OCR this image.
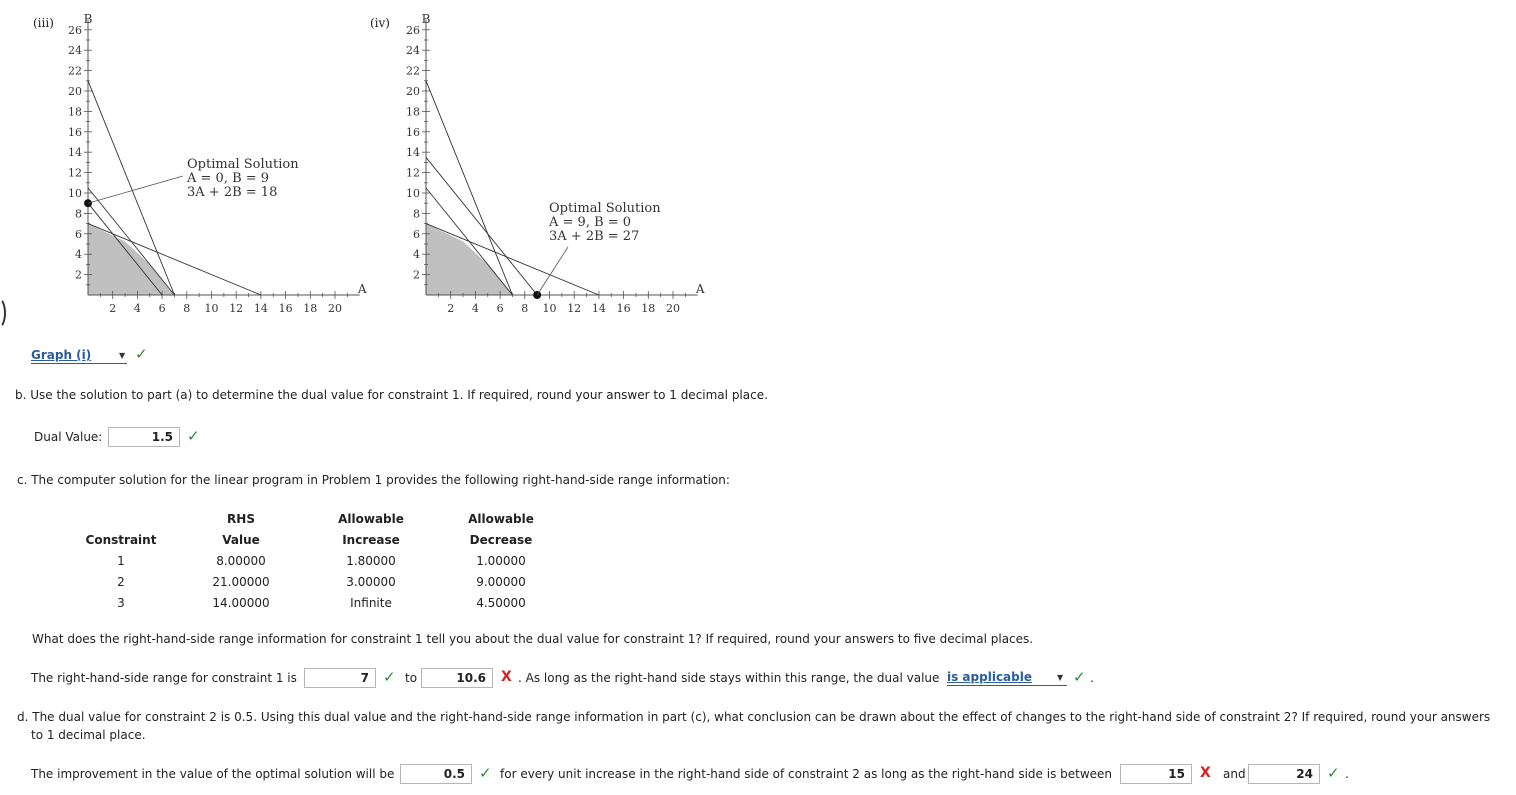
(iii)
2 4 6 8 10 12 14 16 18 20
26
24
22
20
18
16
14
12
10
8
6
4
2
B
A
Optimal Solution
A = 0, B = 9
3A + 2B = 18
(iv)
2 4 6 8 10 12 14 16 18 20
26
24
22
20
18
16
14
12
10
8
6
4
2
B
A
Optimal Solution
A = 9, B = 0
3A + 2B = 27
Graph (i)	▼ ✓
b. Use the solution to part (a) to determine the dual value for constraint 1. If required, round your answer to 1 decimal place.
Dual Value:	1.5 ✓
c. The computer solution for the linear program in Problem 1 provides the following right-hand-side range information:
	RHS	Allowable	Allowable
Constraint	Value	Increase	Decrease
1	8.00000	1.80000	1.00000
2	21.00000	3.00000	9.00000
3	14.00000	Infinite	4.50000
What does the right-hand-side range information for constraint 1 tell you about the dual value for constraint 1? If required, round your answers to five decimal places.
The right-hand-side range for constraint 1 is	7 ✓ to	10.6	X . As long as the right-hand side stays within this range, the dual value is applicable	▼ ✓ .
d. The dual value for constraint 2 is 0.5. Using this dual value and the right-hand-side range information in part (c), what conclusion can be drawn about the effect of changes to the right-hand side of constraint 2? If required, round your answers
to 1 decimal place.
The improvement in the value of the optimal solution will be	0.5 ✓ for every unit increase in the right-hand side of constraint 2 as long as the right-hand side is between	15	X and	24 ✓ .
